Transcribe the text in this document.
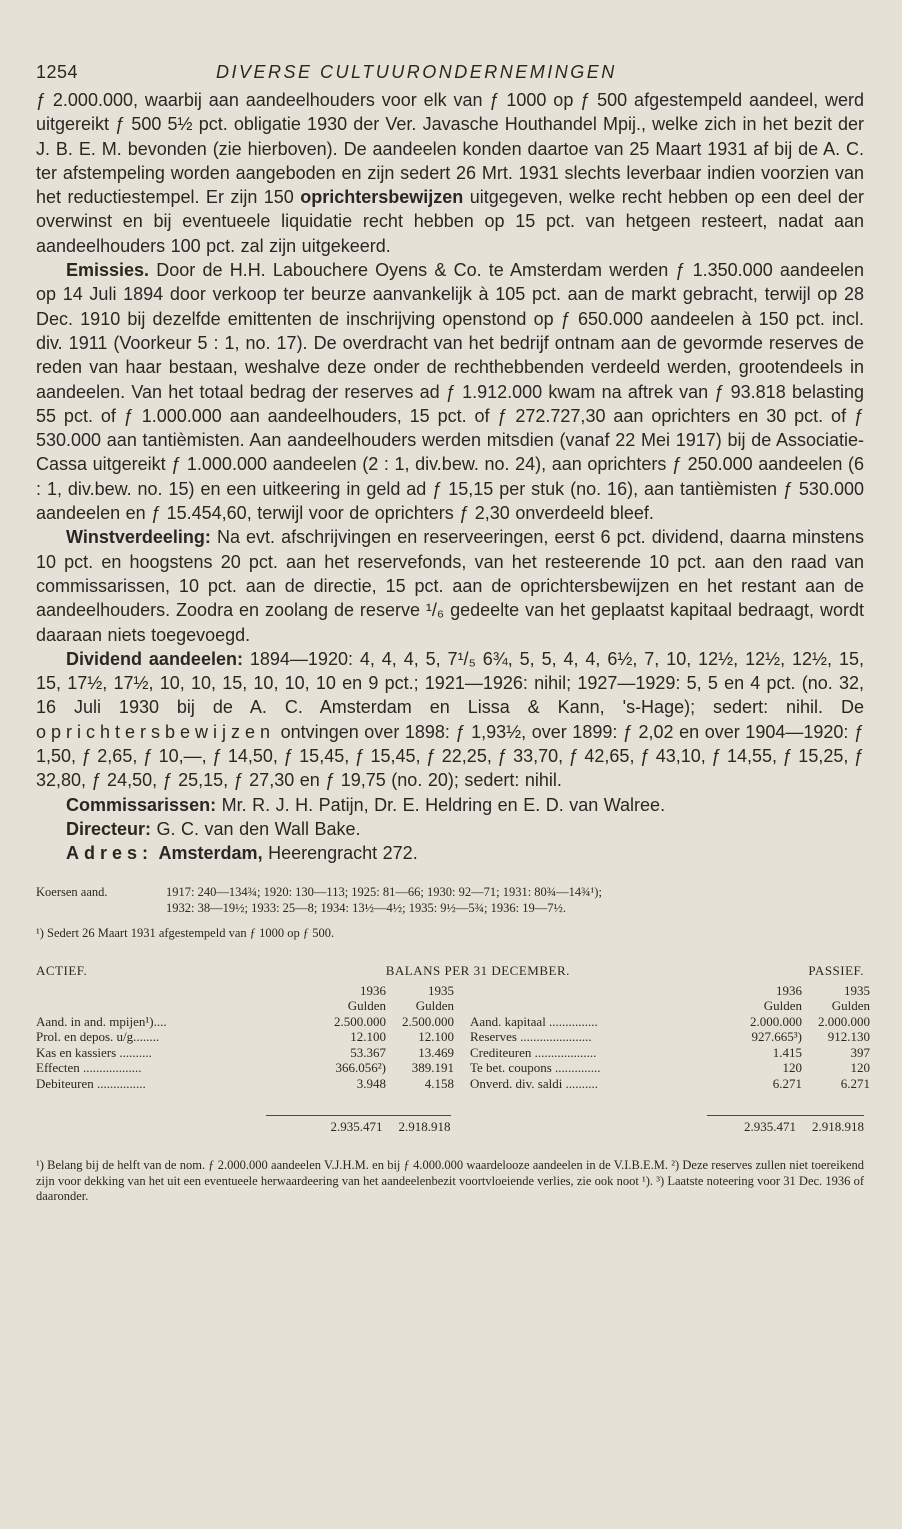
1254	DIVERSE CULTUURONDERNEMINGEN

ƒ 2.000.000, waarbij aan aandeelhouders voor elk van ƒ 1000 op ƒ 500 afgestempeld aandeel, werd uitgereikt ƒ 500 5½ pct. obligatie 1930 der Ver. Javasche Houthandel Mpij., welke zich in het bezit der J. B. E. M. bevonden (zie hierboven). De aandeelen konden daartoe van 25 Maart 1931 af bij de A. C. ter afstempeling worden aangeboden en zijn sedert 26 Mrt. 1931 slechts leverbaar indien voorzien van het reductiestempel. Er zijn 150 oprichtersbewijzen uitgegeven, welke recht hebben op een deel der overwinst en bij eventueele liquidatie recht hebben op 15 pct. van hetgeen resteert, nadat aan aandeelhouders 100 pct. zal zijn uitgekeerd.

Emissies. Door de H.H. Labouchere Oyens & Co. te Amsterdam werden ƒ 1.350.000 aandeelen op 14 Juli 1894 door verkoop ter beurze aanvankelijk à 105 pct. aan de markt gebracht, terwijl op 28 Dec. 1910 bij dezelfde emittenten de inschrijving openstond op ƒ 650.000 aandeelen à 150 pct. incl. div. 1911 (Voorkeur 5 : 1, no. 17). De overdracht van het bedrijf ontnam aan de gevormde reserves de reden van haar bestaan, weshalve deze onder de rechthebbenden verdeeld werden, grootendeels in aandeelen. Van het totaal bedrag der reserves ad ƒ 1.912.000 kwam na aftrek van ƒ 93.818 belasting 55 pct. of ƒ 1.000.000 aan aandeelhouders, 15 pct. of ƒ 272.727,30 aan oprichters en 30 pct. of ƒ 530.000 aan tantièmisten. Aan aandeelhouders werden mitsdien (vanaf 22 Mei 1917) bij de Associatie-Cassa uitgereikt ƒ 1.000.000 aandeelen (2 : 1, div.bew. no. 24), aan oprichters ƒ 250.000 aandeelen (6 : 1, div.bew. no. 15) en een uitkeering in geld ad ƒ 15,15 per stuk (no. 16), aan tantièmisten ƒ 530.000 aandeelen en ƒ 15.454,60, terwijl voor de oprichters ƒ 2,30 onverdeeld bleef.

Winstverdeeling: Na evt. afschrijvingen en reserveeringen, eerst 6 pct. dividend, daarna minstens 10 pct. en hoogstens 20 pct. aan het reservefonds, van het resteerende 10 pct. aan den raad van commissarissen, 10 pct. aan de directie, 15 pct. aan de oprichtersbewijzen en het restant aan de aandeelhouders. Zoodra en zoolang de reserve ¹/₆ gedeelte van het geplaatst kapitaal bedraagt, wordt daaraan niets toegevoegd.

Dividend aandeelen: 1894—1920: 4, 4, 4, 5, 7¹/₅ 6¾, 5, 5, 4, 4, 6½, 7, 10, 12½, 12½, 12½, 15, 15, 17½, 17½, 10, 10, 15, 10, 10, 10 en 9 pct.; 1921—1926: nihil; 1927—1929: 5, 5 en 4 pct. (no. 32, 16 Juli 1930 bij de A. C. Amsterdam en Lissa & Kann, 's-Hage); sedert: nihil. De oprichtersbewijzen ontvingen over 1898: ƒ 1,93½, over 1899: ƒ 2,02 en over 1904—1920: ƒ 1,50, ƒ 2,65, ƒ 10,—, ƒ 14,50, ƒ 15,45, ƒ 15,45, ƒ 22,25, ƒ 33,70, ƒ 42,65, ƒ 43,10, ƒ 14,55, ƒ 15,25, ƒ 32,80, ƒ 24,50, ƒ 25,15, ƒ 27,30 en ƒ 19,75 (no. 20); sedert: nihil.

Commissarissen: Mr. R. J. H. Patijn, Dr. E. Heldring en E. D. van Walree.

Directeur: G. C. van den Wall Bake.

Adres: Amsterdam, Heerengracht 272.

Koersen aand.	1917: 240—134¾; 1920: 130—113; 1925: 81—66; 1930: 92—71; 1931: 80¾—14¾¹);
1932: 38—19½; 1933: 25—8; 1934: 13½—4½; 1935: 9½—5¾; 1936: 19—7½.
¹) Sedert 26 Maart 1931 afgestempeld van ƒ 1000 op ƒ 500.
ACTIEF.	BALANS PER 31 DECEMBER.	PASSIEF.
1936	1935
Gulden	Gulden
Aand. in and. mpijen¹)....	2.500.000	2.500.000
Prol. en depos. u/g........	12.100	12.100
Kas en kassiers ..........	53.367	13.469
Effecten ..................	366.056²)	389.191
Debiteuren ...............	3.948	4.158
1936	1935
Gulden	Gulden
Aand. kapitaal ...............	2.000.000	2.000.000
Reserves ......................	927.665³)	912.130
Crediteuren ...................	1.415	397
Te bet. coupons ..............	120	120
Onverd. div. saldi ..........	6.271	6.271
2.935.471	2.918.918	2.935.471	2.918.918
¹) Belang bij de helft van de nom. ƒ 2.000.000 aandeelen V.J.H.M. en bij ƒ 4.000.000 waardelooze aandeelen in de V.I.B.E.M. ²) Deze reserves zullen niet toereikend zijn voor dekking van het uit een eventueele herwaardeering van het aandeelenbezit voortvloeiende verlies, zie ook noot ¹). ³) Laatste noteering voor 31 Dec. 1936 of daaronder.
